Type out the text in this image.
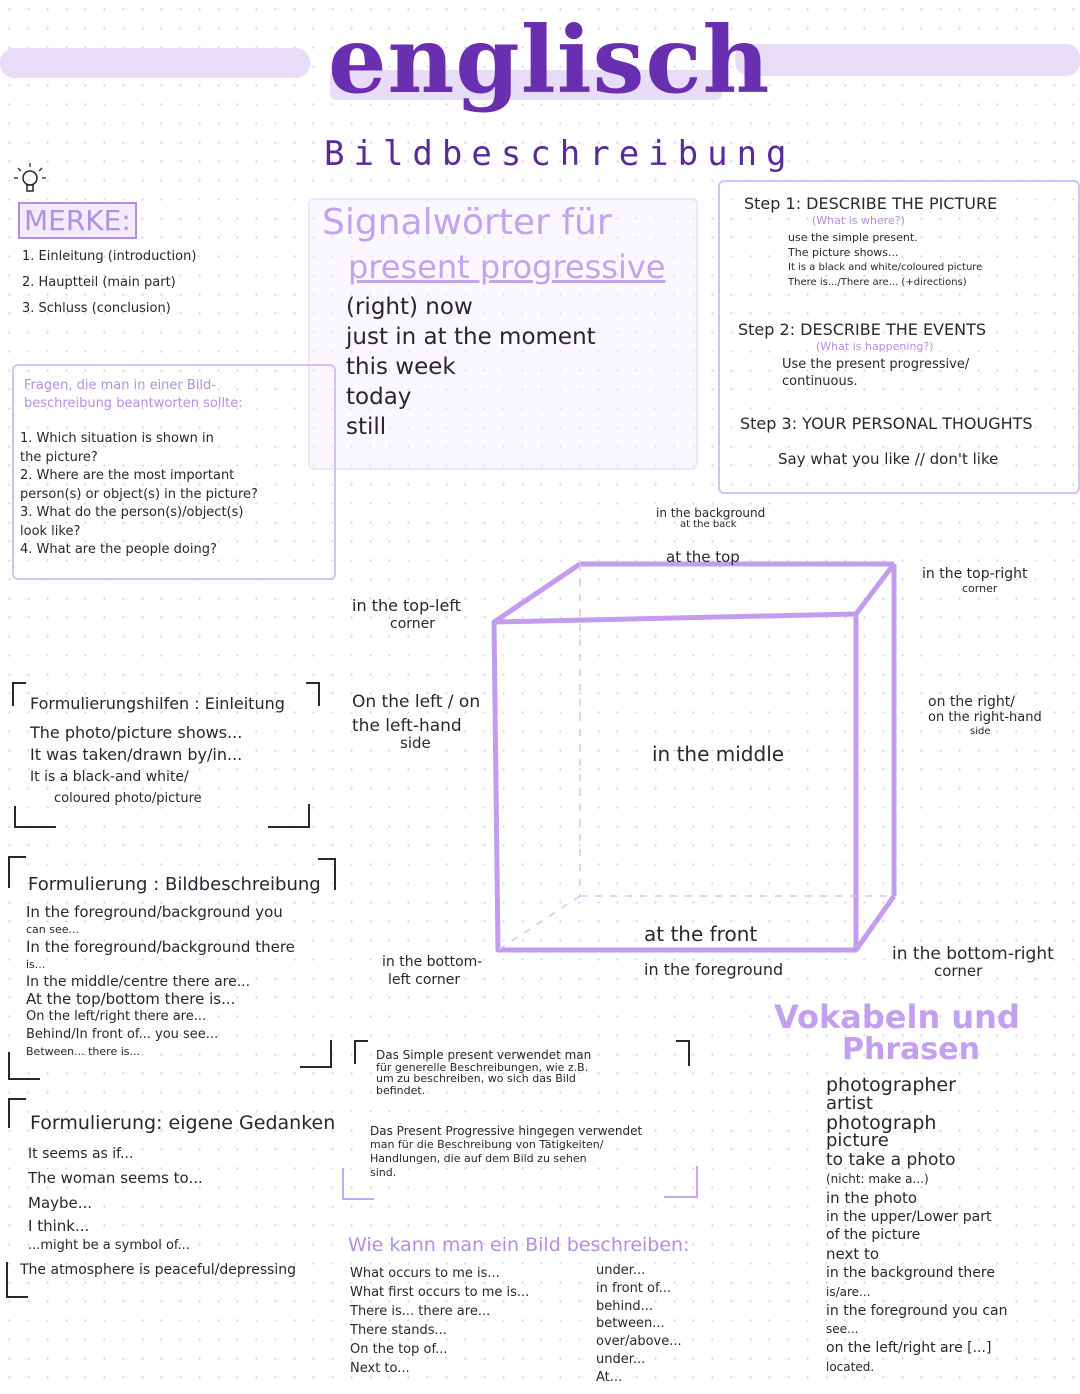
englisch
Bildbeschreibung
MERKE:
1. Einleitung (introduction)
2. Hauptteil (main part)
3. Schluss (conclusion)
Signalwörter für
present progressive
(right) now
just in at the moment
this week
today
still
Step 1: DESCRIBE THE PICTURE
(What is where?)
use the simple present.
The picture shows...
It is a black and white/coloured picture
There is.../There are... (+directions)
Step 2: DESCRIBE THE EVENTS
(What is happening?)
Use the present progressive/
continuous.
Step 3: YOUR PERSONAL THOUGHTS
Say what you like // don't like
Fragen, die man in einer Bild-
beschreibung beantworten sollte:
1. Which situation is shown in
the picture?
2. Where are the most important
person(s) or object(s) in the picture?
3. What do the person(s)/object(s)
look like?
4. What are the people doing?
in the background
at the back
at the top
in the top-left
corner
in the top-right
corner
On the left / on
the left-hand
side
on the right/
on the right-hand
side
in the middle
at the front
in the foreground
in the bottom-
left corner
in the bottom-right
corner
Formulierungshilfen : Einleitung
The photo/picture shows...
It was taken/drawn by/in...
It is a black-and white/
coloured photo/picture
Formulierung : Bildbeschreibung
In the foreground/background you
can see...
In the foreground/background there
is...
In the middle/centre there are...
At the top/bottom there is...
On the left/right there are...
Behind/In front of... you see...
Between... there is...
Formulierung: eigene Gedanken
It seems as if...
The woman seems to...
Maybe...
I think...
...might be a symbol of...
The atmosphere is peaceful/depressing
Das Simple present verwendet man
für generelle Beschreibungen, wie z.B.
um zu beschreiben, wo sich das Bild
befindet.
Das Present Progressive hingegen verwendet
man für die Beschreibung von Tätigkeiten/
Handlungen, die auf dem Bild zu sehen
sind.
Wie kann man ein Bild beschreiben:
What occurs to me is...
What first occurs to me is...
There is... there are...
There stands...
On the top of...
Next to...
under...
in front of...
behind...
between...
over/above...
under...
At...
Vokabeln und
Phrasen
photographer
artist
photograph
picture
to take a photo
(nicht: make a...)
in the photo
in the upper/Lower part
of the picture
next to
in the background there
is/are...
in the foreground you can
see...
on the left/right are [...]
located.
